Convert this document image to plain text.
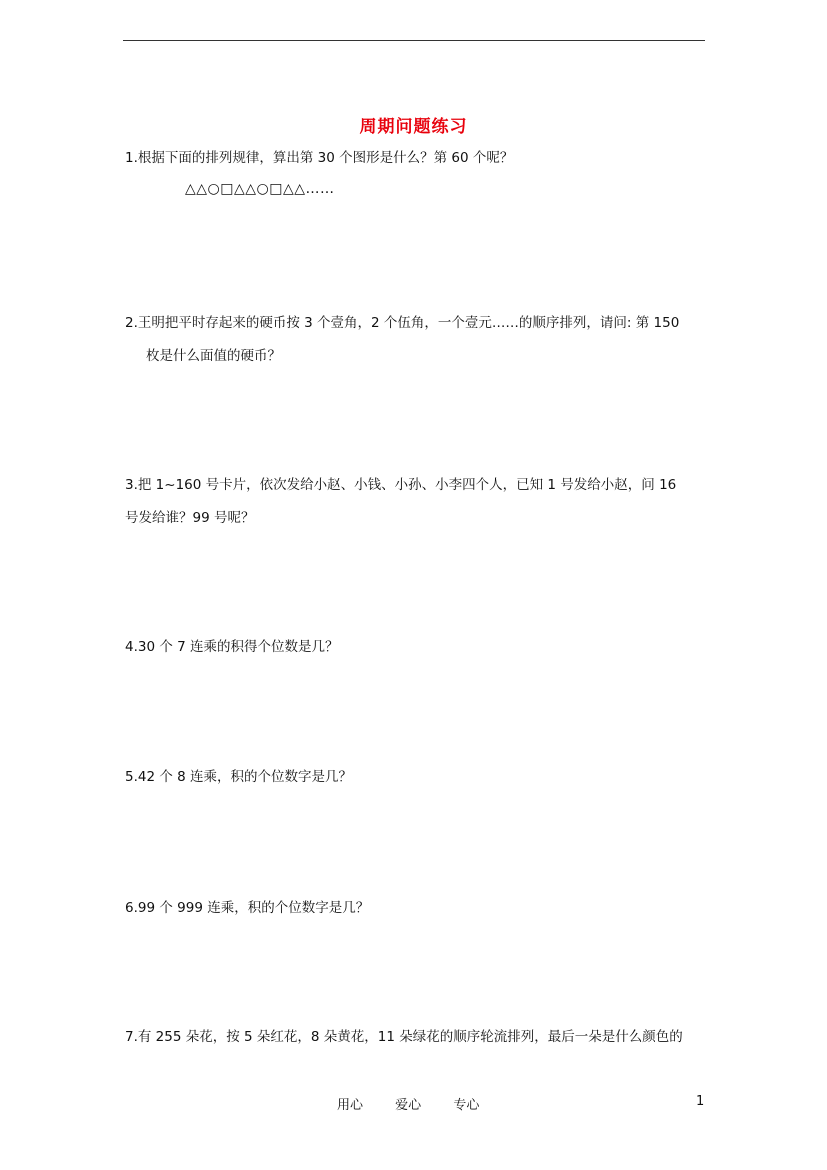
周期问题练习
1.根据下面的排列规律，算出第 30 个图形是什么？第 60 个呢？
△△○□△△○□△△……
2.王明把平时存起来的硬币按 3 个壹角，2 个伍角，一个壹元……的顺序排列，请问: 第 150
枚是什么面值的硬币？
3.把 1~160 号卡片，依次发给小赵、小钱、小孙、小李四个人，已知 1 号发给小赵，问 16
号发给谁？99 号呢？
4.30 个 7 连乘的积得个位数是几？
5.42 个 8 连乘，积的个位数字是几？
6.99 个 999 连乘，积的个位数字是几？
7.有 255 朵花，按 5 朵红花，8 朵黄花，11 朵绿花的顺序轮流排列，最后一朵是什么颜色的
用心 爱心 专心	1
